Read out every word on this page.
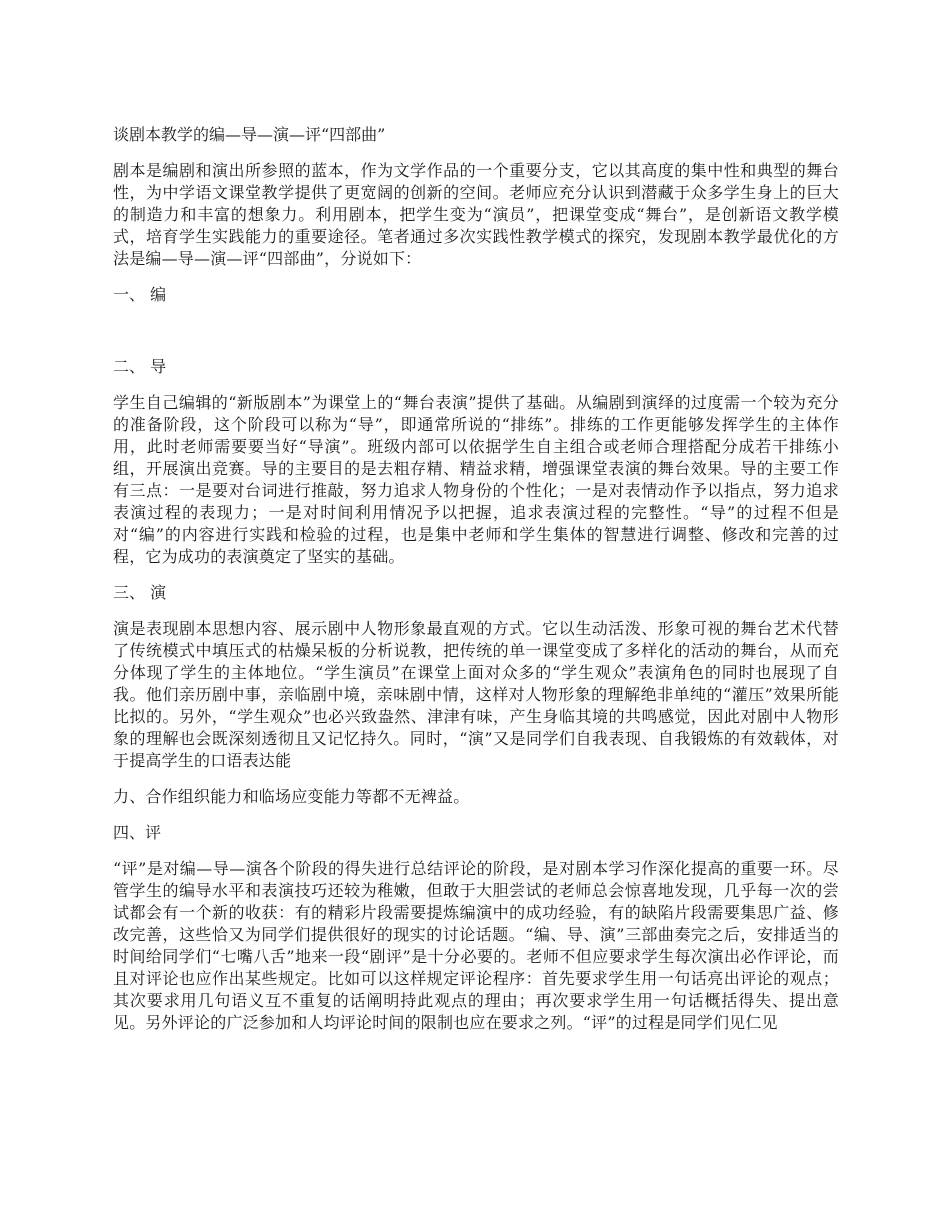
谈剧本教学的编—导—演—评“四部曲”
剧本是编剧和演出所参照的蓝本，作为文学作品的一个重要分支，它以其高度的集中性和典型的舞台性，为中学语文课堂教学提供了更宽阔的创新的空间。老师应充分认识到潜藏于众多学生身上的巨大的制造力和丰富的想象力。利用剧本，把学生变为“演员”，把课堂变成“舞台”，是创新语文教学模式，培育学生实践能力的重要途径。笔者通过多次实践性教学模式的探究，发现剧本教学最优化的方法是编—导—演—评“四部曲”，分说如下：
一、 编
二、 导
学生自己编辑的“新版剧本”为课堂上的“舞台表演”提供了基础。从编剧到演绎的过度需一个较为充分的准备阶段，这个阶段可以称为“导”，即通常所说的“排练”。排练的工作更能够发挥学生的主体作用，此时老师需要要当好“导演”。班级内部可以依据学生自主组合或老师合理搭配分成若干排练小组，开展演出竞赛。导的主要目的是去粗存精、精益求精，增强课堂表演的舞台效果。导的主要工作有三点：一是要对台词进行推敲，努力追求人物身份的个性化；一是对表情动作予以指点，努力追求表演过程的表现力；一是对时间利用情况予以把握，追求表演过程的完整性。“导”的过程不但是对“编”的内容进行实践和检验的过程，也是集中老师和学生集体的智慧进行调整、修改和完善的过程，它为成功的表演奠定了坚实的基础。
三、 演
演是表现剧本思想内容、展示剧中人物形象最直观的方式。它以生动活泼、形象可视的舞台艺术代替了传统模式中填压式的枯燥呆板的分析说教，把传统的单一课堂变成了多样化的活动的舞台，从而充分体现了学生的主体地位。“学生演员”在课堂上面对众多的“学生观众”表演角色的同时也展现了自我。他们亲历剧中事，亲临剧中境，亲味剧中情，这样对人物形象的理解绝非单纯的“灌压”效果所能比拟的。另外，“学生观众”也必兴致盎然、津津有味，产生身临其境的共鸣感觉，因此对剧中人物形象的理解也会既深刻透彻且又记忆持久。同时，“演”又是同学们自我表现、自我锻炼的有效载体，对于提高学生的口语表达能
力、合作组织能力和临场应变能力等都不无裨益。
四、评
“评”是对编—导—演各个阶段的得失进行总结评论的阶段，是对剧本学习作深化提高的重要一环。尽管学生的编导水平和表演技巧还较为稚嫩，但敢于大胆尝试的老师总会惊喜地发现，几乎每一次的尝试都会有一个新的收获：有的精彩片段需要提炼编演中的成功经验，有的缺陷片段需要集思广益、修改完善，这些恰又为同学们提供很好的现实的讨论话题。“编、导、演”三部曲奏完之后，安排适当的时间给同学们“七嘴八舌”地来一段“剧评”是十分必要的。老师不但应要求学生每次演出必作评论，而且对评论也应作出某些规定。比如可以这样规定评论程序：首先要求学生用一句话亮出评论的观点；其次要求用几句语义互不重复的话阐明持此观点的理由；再次要求学生用一句话概括得失、提出意见。另外评论的广泛参加和人均评论时间的限制也应在要求之列。“评”的过程是同学们见仁见
